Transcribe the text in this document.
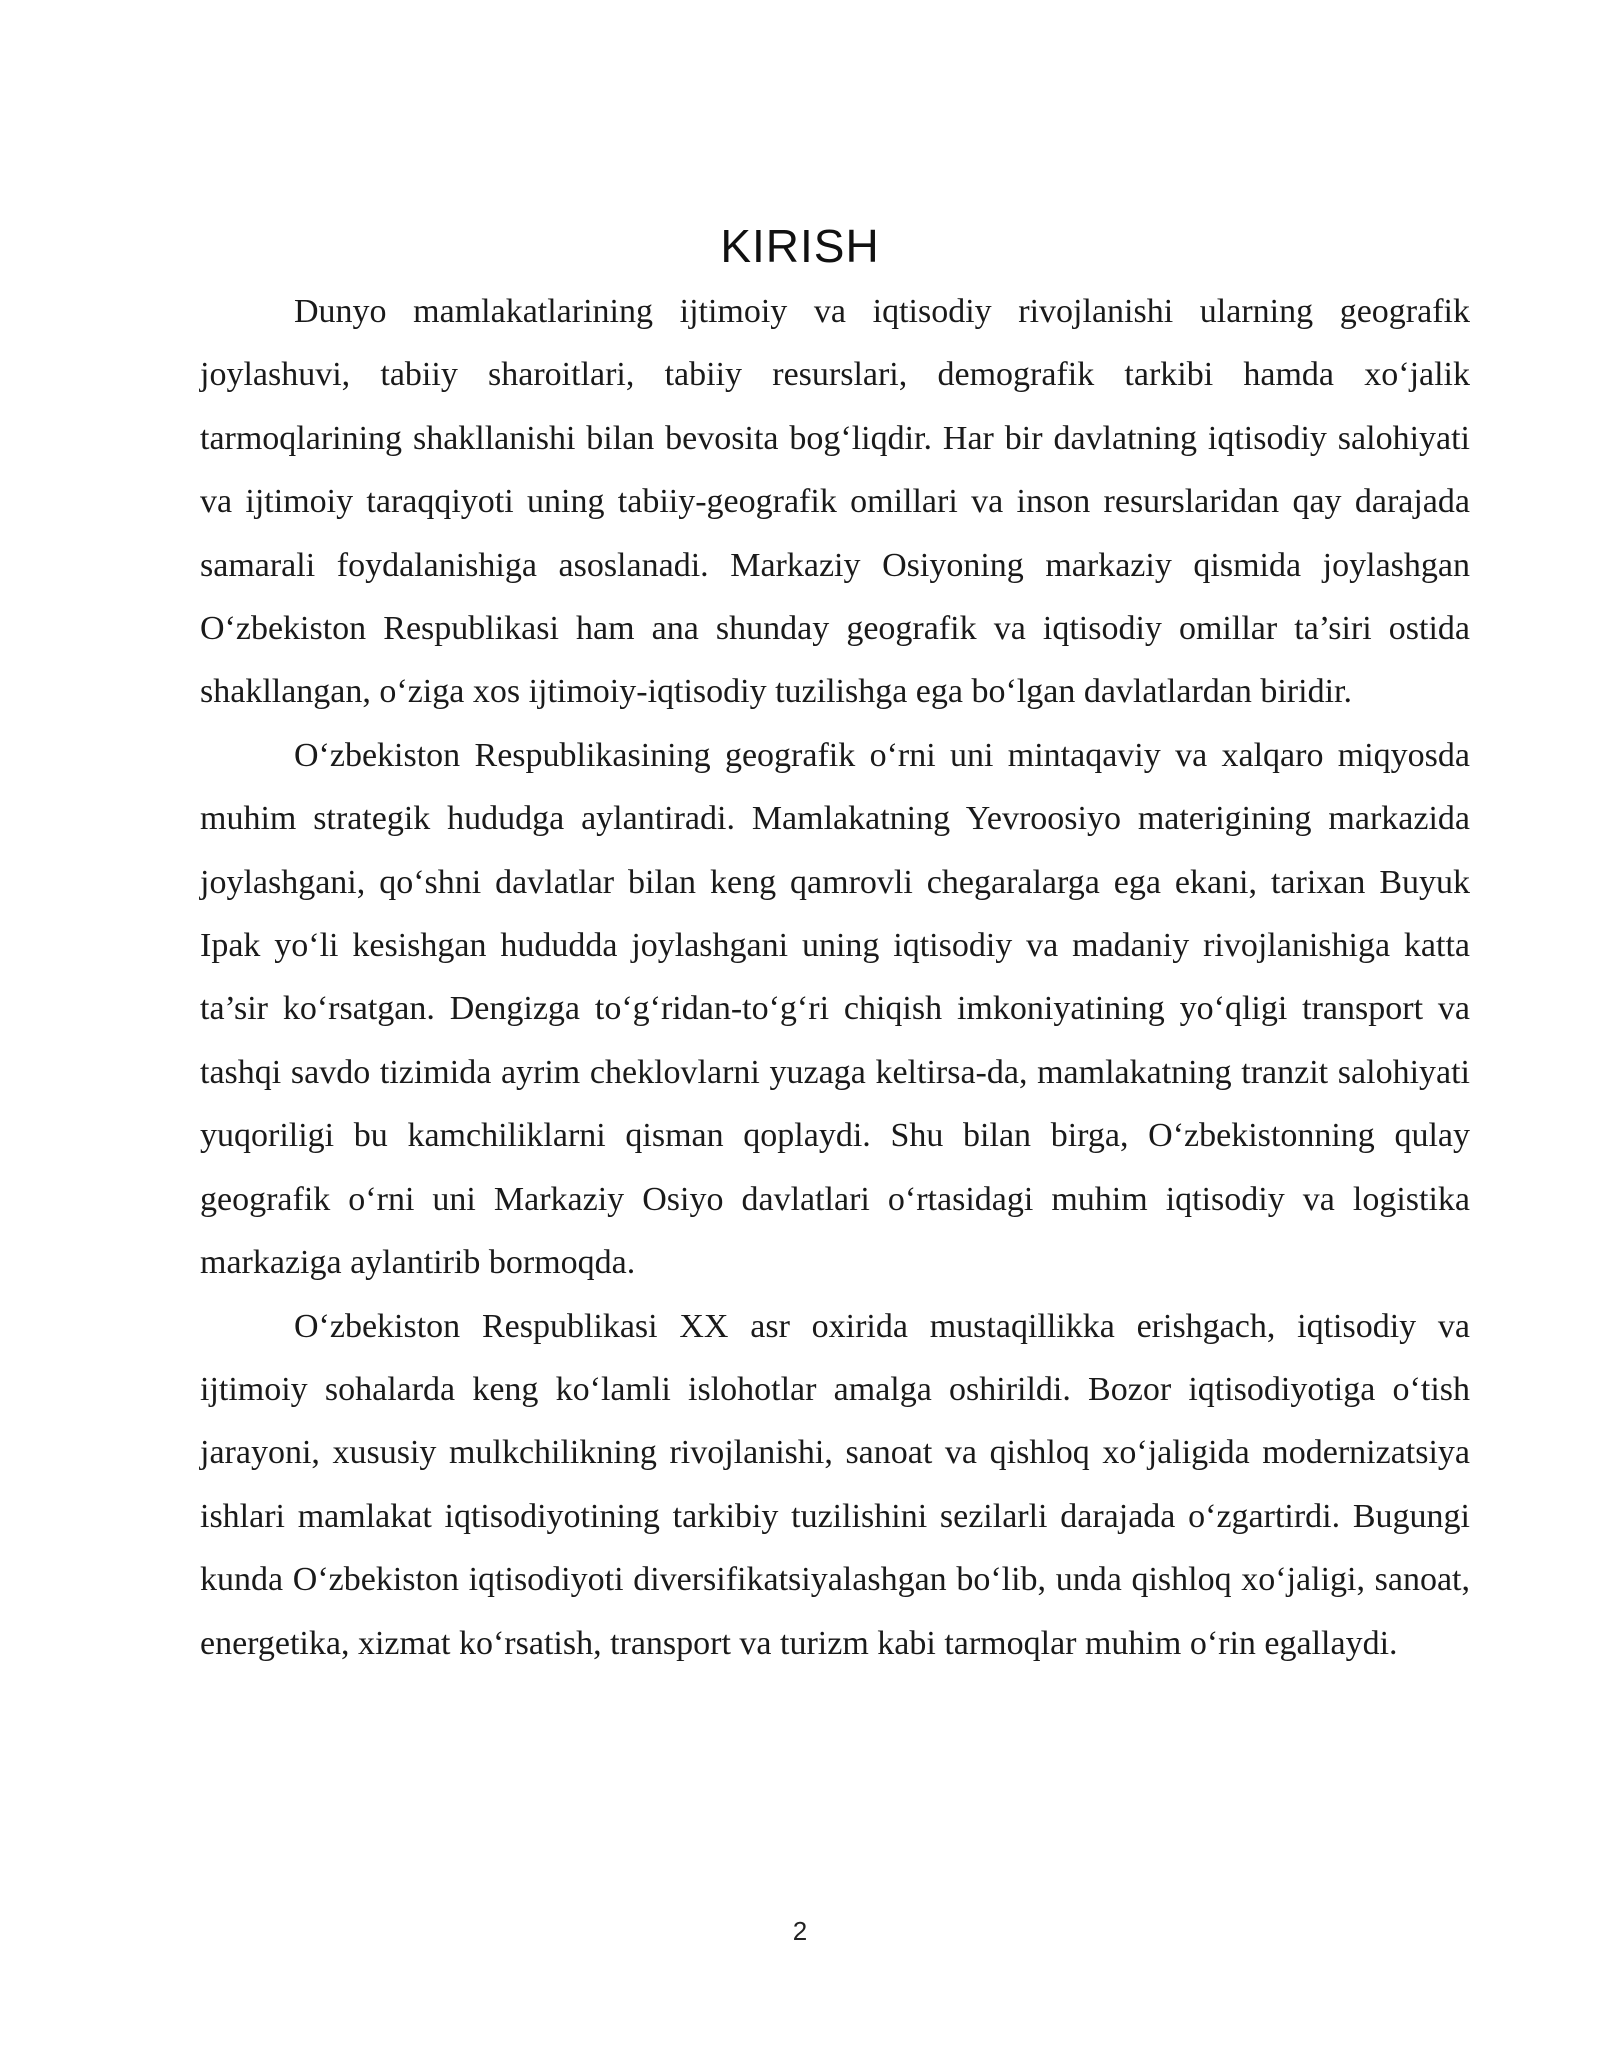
KIRISH

Dunyo mamlakatlarining ijtimoiy va iqtisodiy rivojlanishi ularning geografik joylashuvi, tabiiy sharoitlari, tabiiy resurslari, demografik tarkibi hamda xo‘jalik tarmoqlarining shakllanishi bilan bevosita bog‘liqdir. Har bir davlatning iqtisodiy salohiyati va ijtimoiy taraqqiyoti uning tabiiy-geografik omillari va inson resurslaridan qay darajada samarali foydalanishiga asoslanadi. Markaziy Osiyoning markaziy qismida joylashgan O‘zbekiston Respublikasi ham ana shunday geografik va iqtisodiy omillar ta’siri ostida shakllangan, o‘ziga xos ijtimoiy-iqtisodiy tuzilishga ega bo‘lgan davlatlardan biridir.

O‘zbekiston Respublikasining geografik o‘rni uni mintaqaviy va xalqaro miqyosda muhim strategik hududga aylantiradi. Mamlakatning Yevroosiyo materigining markazida joylashgani, qo‘shni davlatlar bilan keng qamrovli chegaralarga ega ekani, tarixan Buyuk Ipak yo‘li kesishgan hududda joylashgani uning iqtisodiy va madaniy rivojlanishiga katta ta’sir ko‘rsatgan. Dengizga to‘g‘ridan-to‘g‘ri chiqish imkoniyatining yo‘qligi transport va tashqi savdo tizimida ayrim cheklovlarni yuzaga keltirsa-da, mamlakatning tranzit salohiyati yuqoriligi bu kamchiliklarni qisman qoplaydi. Shu bilan birga, O‘zbekistonning qulay geografik o‘rni uni Markaziy Osiyo davlatlari o‘rtasidagi muhim iqtisodiy va logistika markaziga aylantirib bormoqda.

O‘zbekiston Respublikasi XX asr oxirida mustaqillikka erishgach, iqtisodiy va ijtimoiy sohalarda keng ko‘lamli islohotlar amalga oshirildi. Bozor iqtisodiyotiga o‘tish jarayoni, xususiy mulkchilikning rivojlanishi, sanoat va qishloq xo‘jaligida modernizatsiya ishlari mamlakat iqtisodiyotining tarkibiy tuzilishini sezilarli darajada o‘zgartirdi. Bugungi kunda O‘zbekiston iqtisodiyoti diversifikatsiyalashgan bo‘lib, unda qishloq xo‘jaligi, sanoat, energetika, xizmat ko‘rsatish, transport va turizm kabi tarmoqlar muhim o‘rin egallaydi.

2
